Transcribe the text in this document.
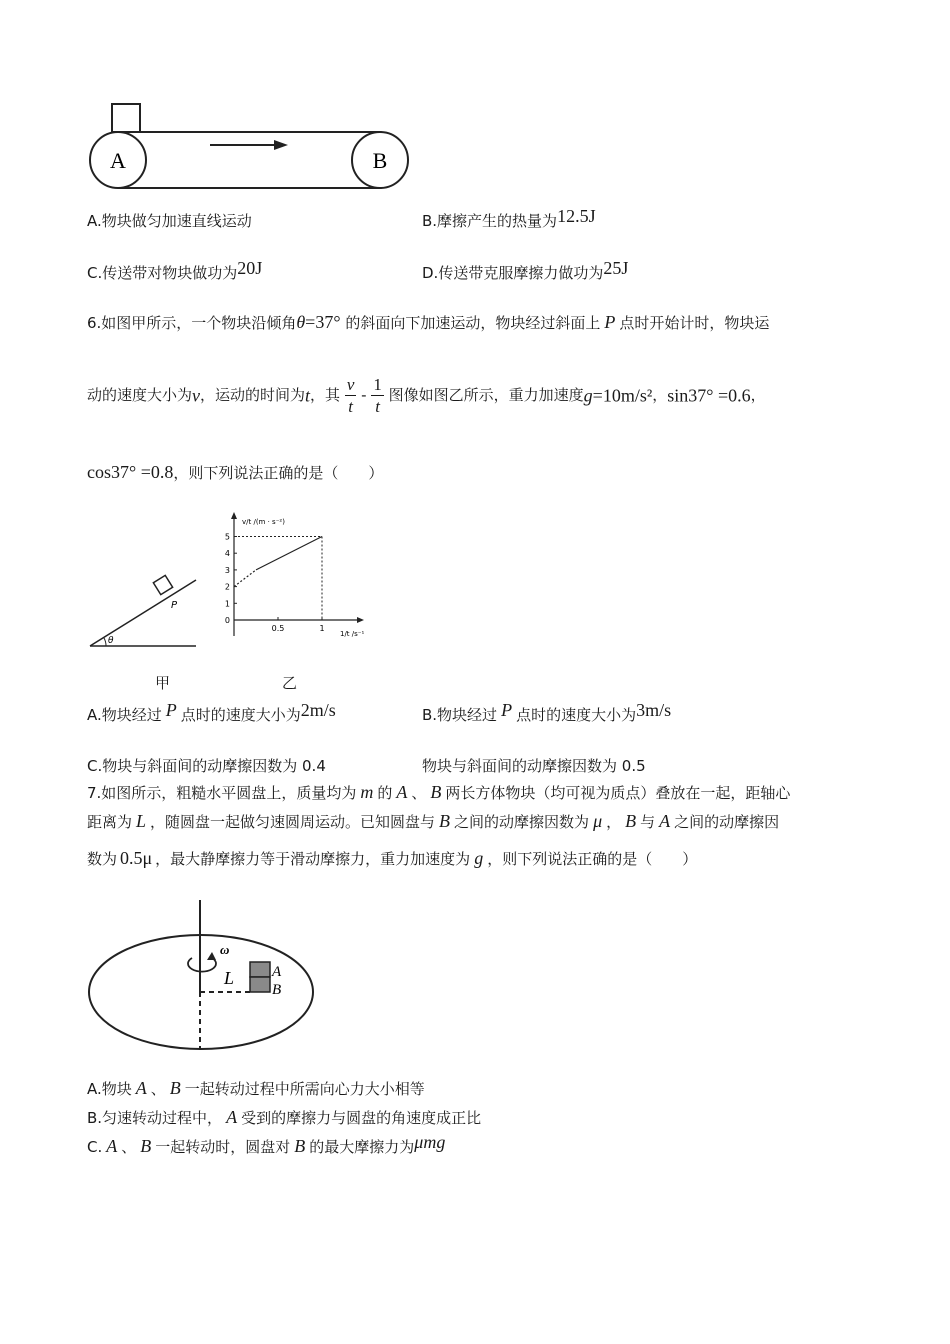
A	B
A.物块做匀加速直线运动	B.摩擦产生的热量为12.5J
C.传送带对物块做功为20J	D.传送带克服摩擦力做功为25J
6.如图甲所示，一个物块沿倾角θ=37° 的斜面向下加速运动，物块经过斜面上 P 点时开始计时，物块运
动的速度大小为v，运动的时间为t，其 $\frac{v}{t} - \frac{1}{t}$ 图像如图乙所示，重力加速度g=10m/s²，sin37° =0.6，
cos37° =0.8，则下列说法正确的是（　　）
P
θ
v/t /(m · s⁻²)
1/t /s⁻¹
0
1
2
3
4
5
0.5	1
甲	乙
A.物块经过 P 点时的速度大小为2m/s	B.物块经过 P 点时的速度大小为3m/s
C.物块与斜面间的动摩擦因数为 0.4	物块与斜面间的动摩擦因数为 0.5
7.如图所示，粗糙水平圆盘上，质量均为 m 的 A 、 B 两长方体物块（均可视为质点）叠放在一起，距轴心
距离为 L ，随圆盘一起做匀速圆周运动。已知圆盘与 B 之间的动摩擦因数为 μ ， B 与 A 之间的动摩擦因
数为 0.5μ ，最大静摩擦力等于滑动摩擦力，重力加速度为 g ，则下列说法正确的是（　　）
ω
L	A
B
A.物块 A 、 B 一起转动过程中所需向心力大小相等
B.匀速转动过程中， A 受到的摩擦力与圆盘的角速度成正比
C. A 、 B 一起转动时，圆盘对 B 的最大摩擦力为μmg
